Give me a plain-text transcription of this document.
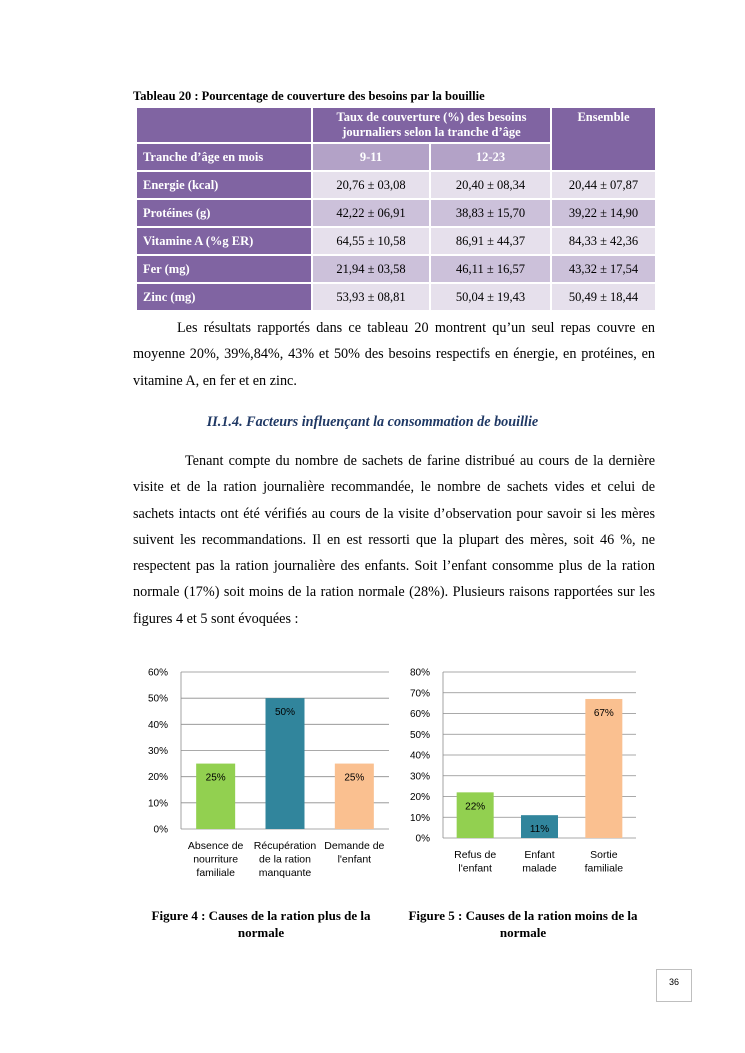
Tableau 20 : Pourcentage de couverture des besoins par la bouillie
	Taux de couverture (%) des besoins journaliers selon la tranche d’âge		Ensemble
Tranche d’âge en mois	9-11	12-23	
Energie (kcal)	20,76 ± 03,08	20,40 ± 08,34	20,44 ± 07,87
Protéines (g)	42,22 ± 06,91	38,83 ± 15,70	39,22 ± 14,90
Vitamine A (%g ER)	64,55 ± 10,58	86,91 ± 44,37	84,33 ± 42,36
Fer (mg)	21,94 ± 03,58	46,11 ± 16,57	43,32 ± 17,54
Zinc (mg)	53,93 ± 08,81	50,04 ± 19,43	50,49 ± 18,44
Les résultats rapportés dans ce tableau 20 montrent qu’un seul repas couvre en moyenne 20%, 39%,84%, 43% et 50% des besoins respectifs en énergie, en protéines, en vitamine A, en fer et en zinc.
II.1.4. Facteurs influençant la consommation de bouillie
Tenant compte du nombre de sachets de farine distribué au cours de la dernière visite et de la ration journalière recommandée, le nombre de sachets vides et celui de sachets intacts ont été vérifiés au cours de la visite d’observation pour savoir si les mères suivent les recommandations. Il en est ressorti que la plupart des mères, soit 46 %, ne respectent pas la ration journalière des enfants. Soit l’enfant consomme plus de la ration normale (17%) soit moins de la ration normale (28%). Plusieurs raisons rapportées sur les figures 4 et 5 sont évoquées :
0%
10%
20%
30%
40%
50%
60%
25%
Absence de nourriture familiale
50%
Récupération de la ration manquante
25%
Demande de l'enfant
0%
10%
20%
30%
40%
50%
60%
70%
80%
22%
Refus de l'enfant
11%
Enfant malade
67%
Sortie familiale
Figure 4 : Causes de la ration plus de la normale
Figure 5 : Causes de la ration moins de la normale
36
